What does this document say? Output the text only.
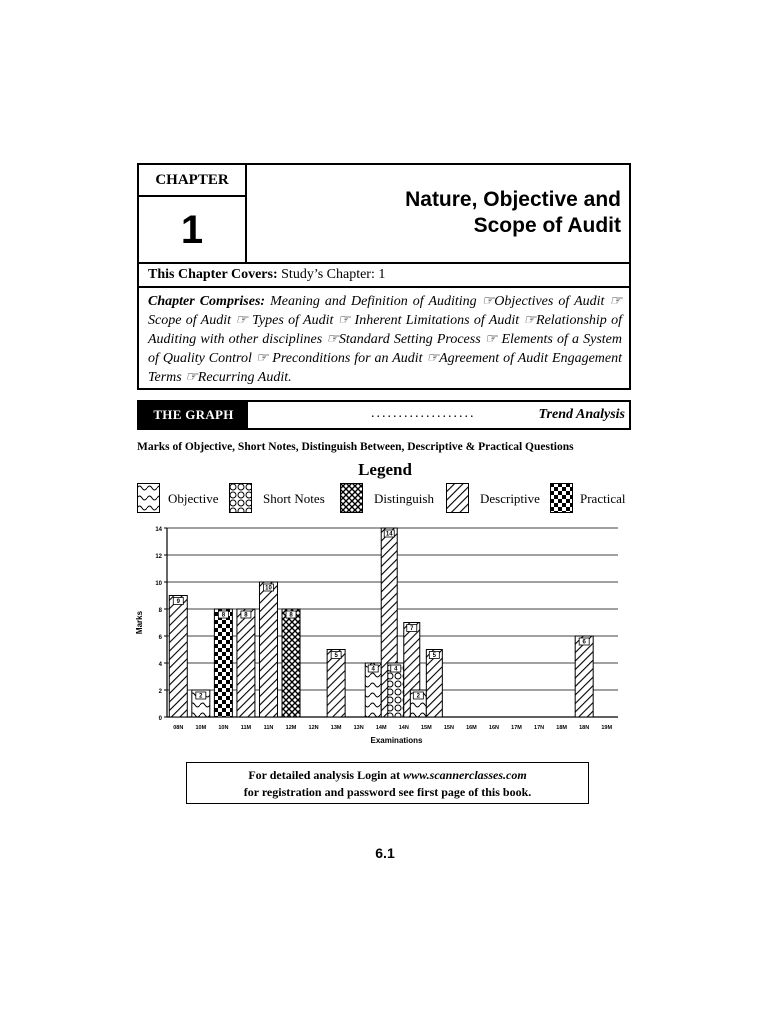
CHAPTER
1
Nature, Objective and
Scope of Audit
This Chapter Covers: Study’s Chapter: 1
Chapter Comprises: Meaning and Definition of Auditing ☞Objectives of Audit ☞ Scope of Audit ☞ Types of Audit ☞ Inherent Limitations of Audit ☞Relationship of Auditing with other disciplines ☞Standard Setting Process ☞ Elements of a System of Quality Control ☞ Preconditions for an Audit ☞Agreement of Audit Engagement Terms ☞Recurring Audit.
THE GRAPH	...................	Trend Analysis
Marks of Objective, Short Notes, Distinguish Between, Descriptive & Practical Questions
Legend
Objective	Short Notes	Distinguish	Descriptive	Practical
0
2
4
6
8
10
12
14
08N
9
10M
2
10N
8
11M
8
11N
10
12M
8
12N 13M
5
13N 14M
4
14
14N
4
7
15M
2
5
15N 16M 16N 17M 17N 18M 18N
6
19M
Examinations
Marks
For detailed analysis Login at www.scannerclasses.com
for registration and password see first page of this book.
6.1
